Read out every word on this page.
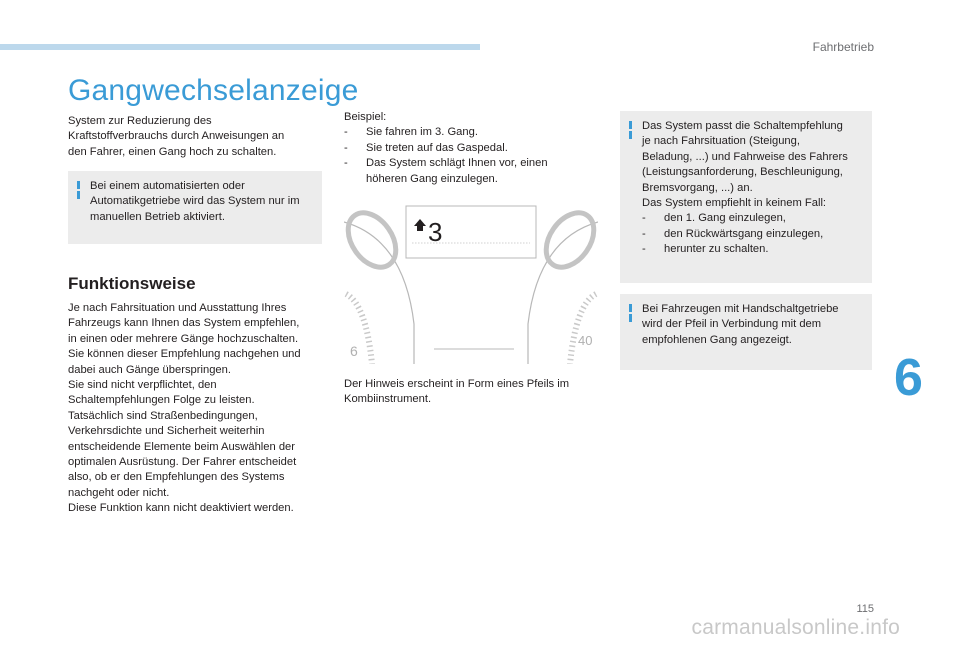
Fahrbetrieb
Gangwechselanzeige
System zur Reduzierung des
Kraftstoffverbrauchs durch Anweisungen an
den Fahrer, einen Gang hoch zu schalten.
Bei einem automatisierten oder
Automatikgetriebe wird das System nur im
manuellen Betrieb aktiviert.
Funktionsweise
Je nach Fahrsituation und Ausstattung Ihres
Fahrzeugs kann Ihnen das System empfehlen,
in einen oder mehrere Gänge hochzuschalten.
Sie können dieser Empfehlung nachgehen und
dabei auch Gänge überspringen.
Sie sind nicht verpflichtet, den
Schaltempfehlungen Folge zu leisten.
Tatsächlich sind Straßenbedingungen,
Verkehrsdichte und Sicherheit weiterhin
entscheidende Elemente beim Auswählen der
optimalen Ausrüstung. Der Fahrer entscheidet
also, ob er den Empfehlungen des Systems
nachgeht oder nicht.
Diese Funktion kann nicht deaktiviert werden.
Beispiel:
- Sie fahren im 3. Gang.
- Sie treten auf das Gaspedal.
- Das System schlägt Ihnen vor, einen
höheren Gang einzulegen.
3
6
40
Der Hinweis erscheint in Form eines Pfeils im
Kombiinstrument.
Das System passt die Schaltempfehlung
je nach Fahrsituation (Steigung,
Beladung, ...) und Fahrweise des Fahrers
(Leistungsanforderung, Beschleunigung,
Bremsvorgang, ...) an.
Das System empfiehlt in keinem Fall:
- den 1. Gang einzulegen,
- den Rückwärtsgang einzulegen,
- herunter zu schalten.
Bei Fahrzeugen mit Handschaltgetriebe
wird der Pfeil in Verbindung mit dem
empfohlenen Gang angezeigt.
6
115
carmanualsonline.info
